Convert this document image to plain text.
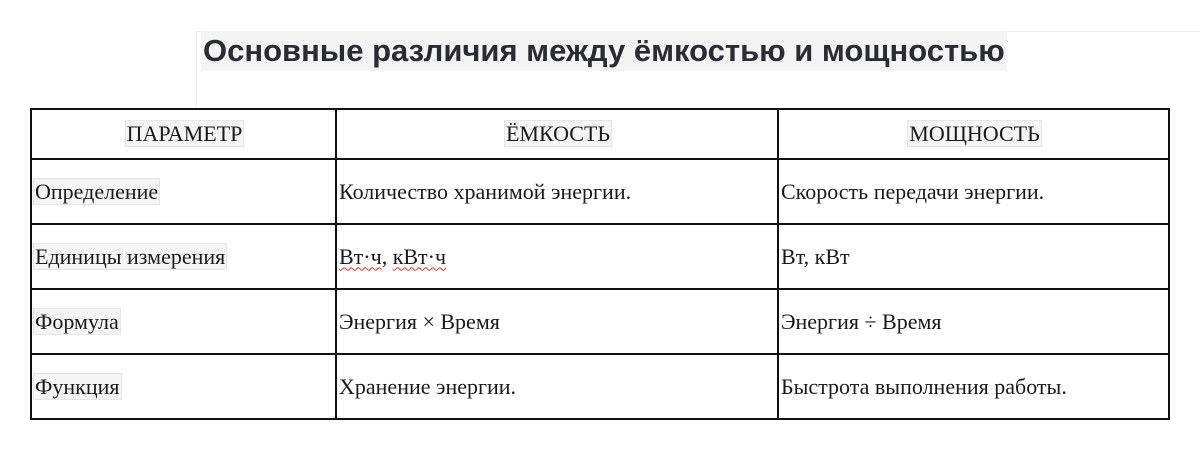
Основные различия между ёмкостью и мощностью
ПАРАМЕТР	ЁМКОСТЬ	МОЩНОСТЬ
Определение	Количество хранимой энергии.	Скорость передачи энергии.
Единицы измерения	Вт·ч, кВт·ч	Вт, кВт
Формула	Энергия × Время	Энергия ÷ Время
Функция	Хранение энергии.	Быстрота выполнения работы.
